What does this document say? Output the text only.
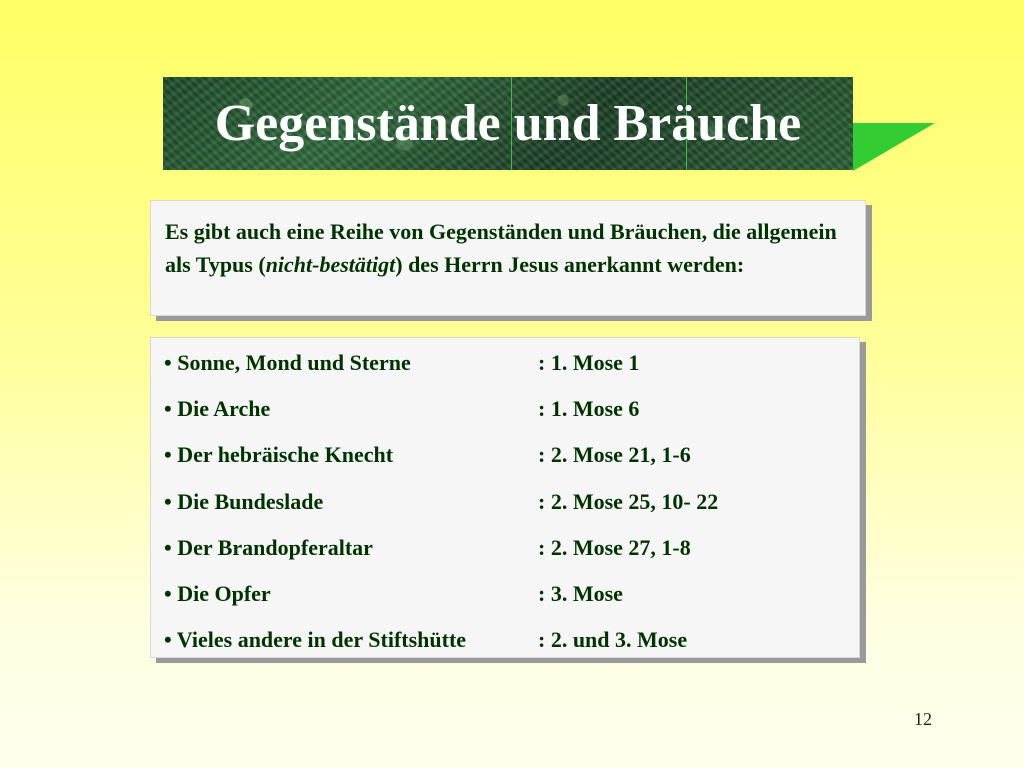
Gegenstände und Bräuche
Es gibt auch eine Reihe von Gegenständen und Bräuchen, die allgemein als Typus (nicht-bestätigt) des Herrn Jesus anerkannt werden:
• Sonne, Mond und Sterne	: 1. Mose 1
• Die Arche	: 1. Mose 6
• Der hebräische Knecht	: 2. Mose 21, 1-6
• Die Bundeslade	: 2. Mose 25, 10- 22
• Der Brandopferaltar	: 2. Mose 27, 1-8
• Die Opfer	: 3. Mose
• Vieles andere in der Stiftshütte	: 2. und 3. Mose
12
